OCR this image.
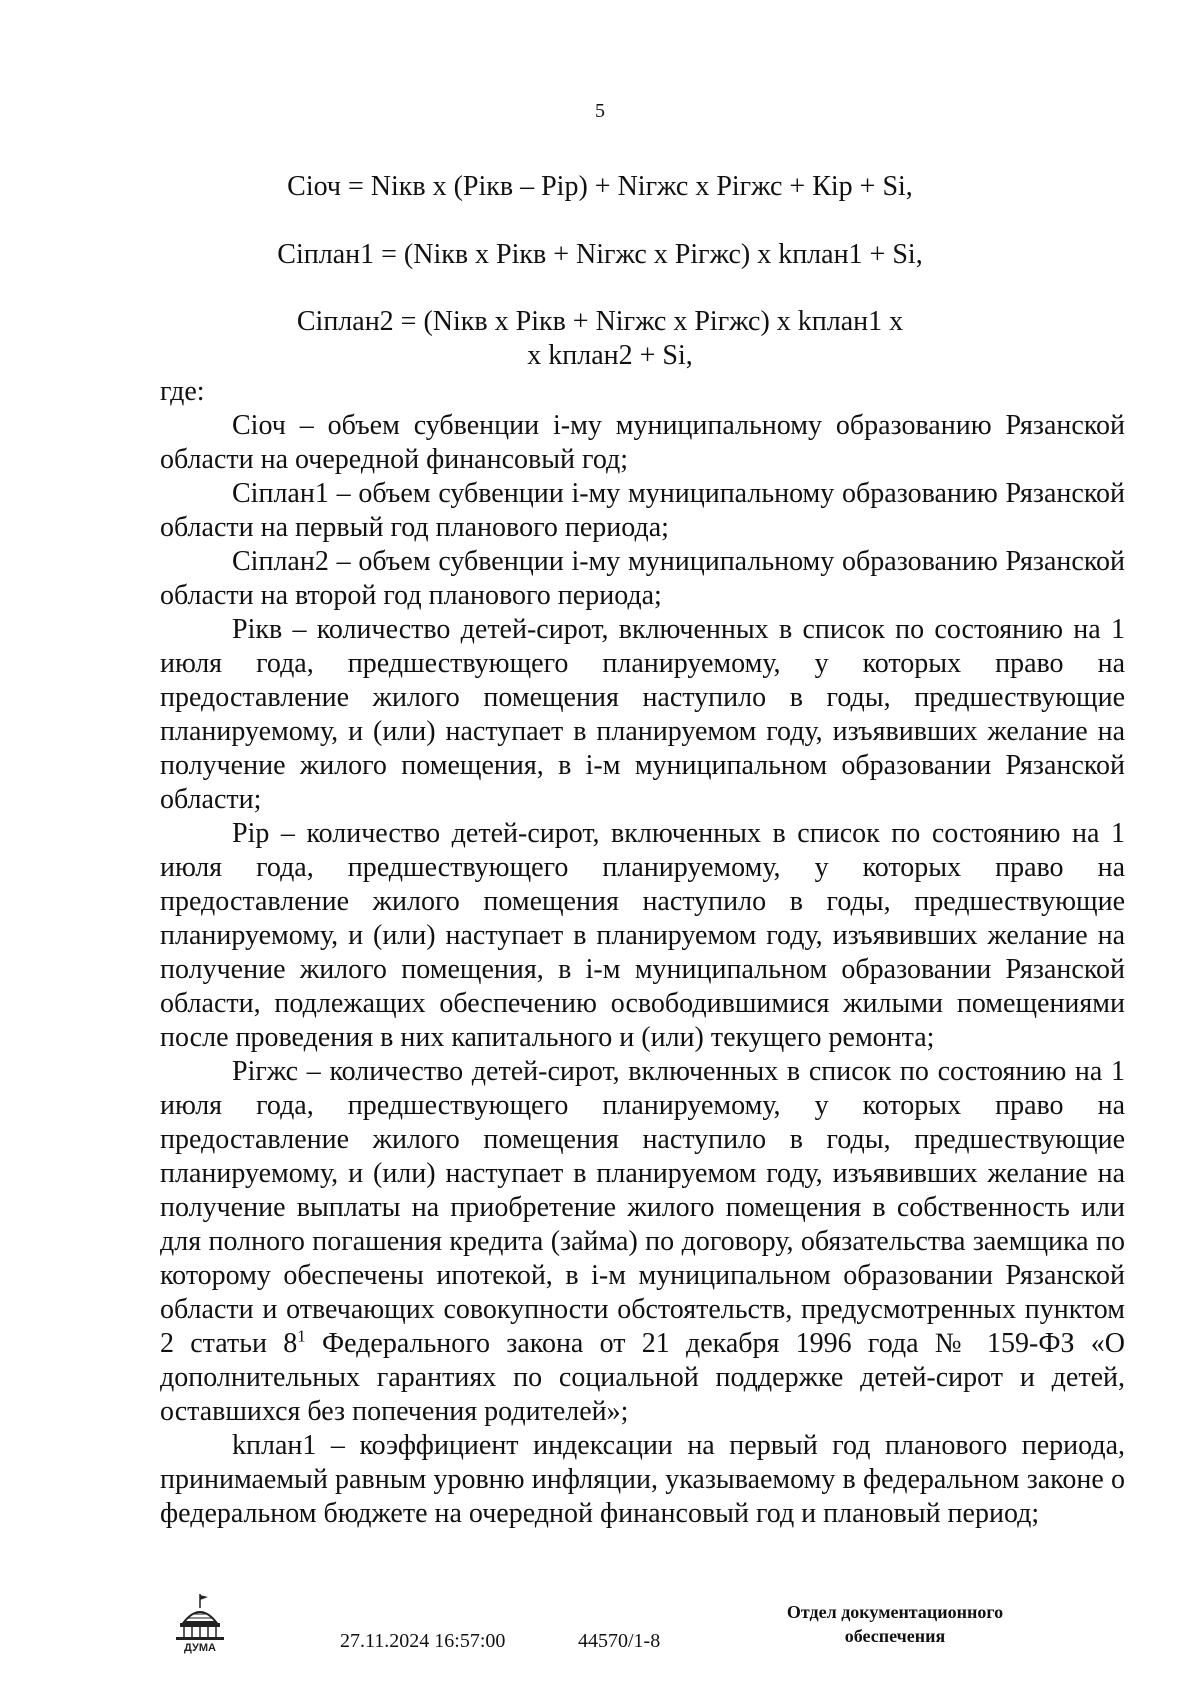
5

Сіоч = Nікв х (Рікв – Ріp) + Nігжс х Рігжс + Кір + Si,

Сіплан1 = (Nікв х Рікв + Nігжс х Рігжс) х kплан1 + Si,

Сіплан2 = (Nікв х Рікв + Nігжс х Рігжс) х kплан1 х
х kплан2 + Si,

где:

Сіоч – объем субвенции і-му муниципальному образованию Рязанской области на очередной финансовый год;

Сіплан1 – объем субвенции і-му муниципальному образованию Рязанской области на первый год планового периода;

Сіплан2 – объем субвенции і-му муниципальному образованию Рязанской области на второй год планового периода;

Рікв – количество детей-сирот, включенных в список по состоянию на 1 июля года, предшествующего планируемому, у которых право на предоставление жилого помещения наступило в годы, предшествующие планируемому, и (или) наступает в планируемом году, изъявивших желание на получение жилого помещения, в і-м муниципальном образовании Рязанской области;

Ріp – количество детей-сирот, включенных в список по состоянию на 1 июля года, предшествующего планируемому, у которых право на предоставление жилого помещения наступило в годы, предшествующие планируемому, и (или) наступает в планируемом году, изъявивших желание на получение жилого помещения, в і-м муниципальном образовании Рязанской области, подлежащих обеспечению освободившимися жилыми помещениями после проведения в них капитального и (или) текущего ремонта;

Рігжс – количество детей-сирот, включенных в список по состоянию на 1 июля года, предшествующего планируемому, у которых право на предоставление жилого помещения наступило в годы, предшествующие планируемому, и (или) наступает в планируемом году, изъявивших желание на получение выплаты на приобретение жилого помещения в собственность или для полного погашения кредита (займа) по договору, обязательства заемщика по которому обеспечены ипотекой, в і-м муниципальном образовании Рязанской области и отвечающих совокупности обстоятельств, предусмотренных пунктом 2 статьи $8^1$ Федерального закона от 21 декабря 1996 года № 159-ФЗ «О дополнительных гарантиях по социальной поддержке детей-сирот и детей, оставшихся без попечения родителей»;

kплан1 – коэффициент индексации на первый год планового периода, принимаемый равным уровню инфляции, указываемому в федеральном законе о федеральном бюджете на очередной финансовый год и плановый период;

ДУМА	27.11.2024 16:57:00	44570/1-8
Отдел документационного
обеспечения
